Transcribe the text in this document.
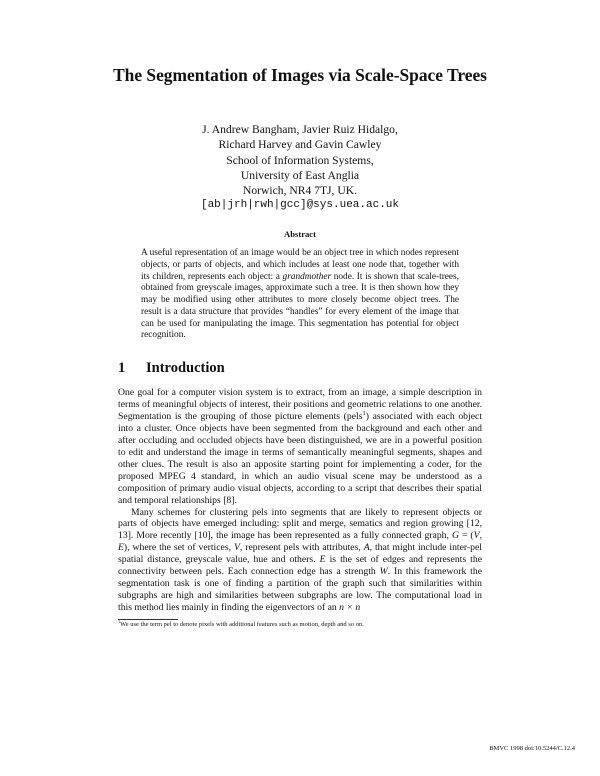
The Segmentation of Images via Scale-Space Trees
J. Andrew Bangham, Javier Ruiz Hidalgo,
Richard Harvey and Gavin Cawley
School of Information Systems,
University of East Anglia
Norwich, NR4 7TJ, UK.
[ab|jrh|rwh|gcc]@sys.uea.ac.uk
Abstract
A useful representation of an image would be an object tree in which nodes represent objects, or parts of objects, and which includes at least one node that, together with its children, represents each object: a grandmother node. It is shown that scale-trees, obtained from greyscale images, approximate such a tree. It is then shown how they may be modified using other attributes to more closely become object trees. The result is a data structure that provides “handles” for every element of the image that can be used for manipulating the image. This segmentation has potential for object recognition.
1 Introduction

One goal for a computer vision system is to extract, from an image, a simple description in terms of meaningful objects of interest, their positions and geometric relations to one another. Segmentation is the grouping of those picture elements (pels$^1$) associated with each object into a cluster. Once objects have been segmented from the background and each other and after occluding and occluded objects have been distinguished, we are in a powerful position to edit and understand the image in terms of semantically meaningful segments, shapes and other clues. The result is also an apposite starting point for implementing a coder, for the proposed MPEG 4 standard, in which an audio visual scene may be understood as a composition of primary audio visual objects, according to a script that describes their spatial and temporal relationships [8].

Many schemes for clustering pels into segments that are likely to represent objects or parts of objects have emerged including: split and merge, sematics and region growing [12, 13]. More recently [10], the image has been represented as a fully connected graph, G = (V, E), where the set of vertices, V, represent pels with attributes, A, that might include inter-pel spatial distance, greyscale value, hue and others. E is the set of edges and represents the connectivity between pels. Each connection edge has a strength W. In this framework the segmentation task is one of finding a partition of the graph such that similarities within subgraphs are high and similarities between subgraphs are low. The computational load in this method lies mainly in finding the eigenvectors of an n × n

$^1$We use the term pel to denote pixels with additional features such as motion, depth and so on.
BMVC 1998 doi:10.5244/C.12.4
